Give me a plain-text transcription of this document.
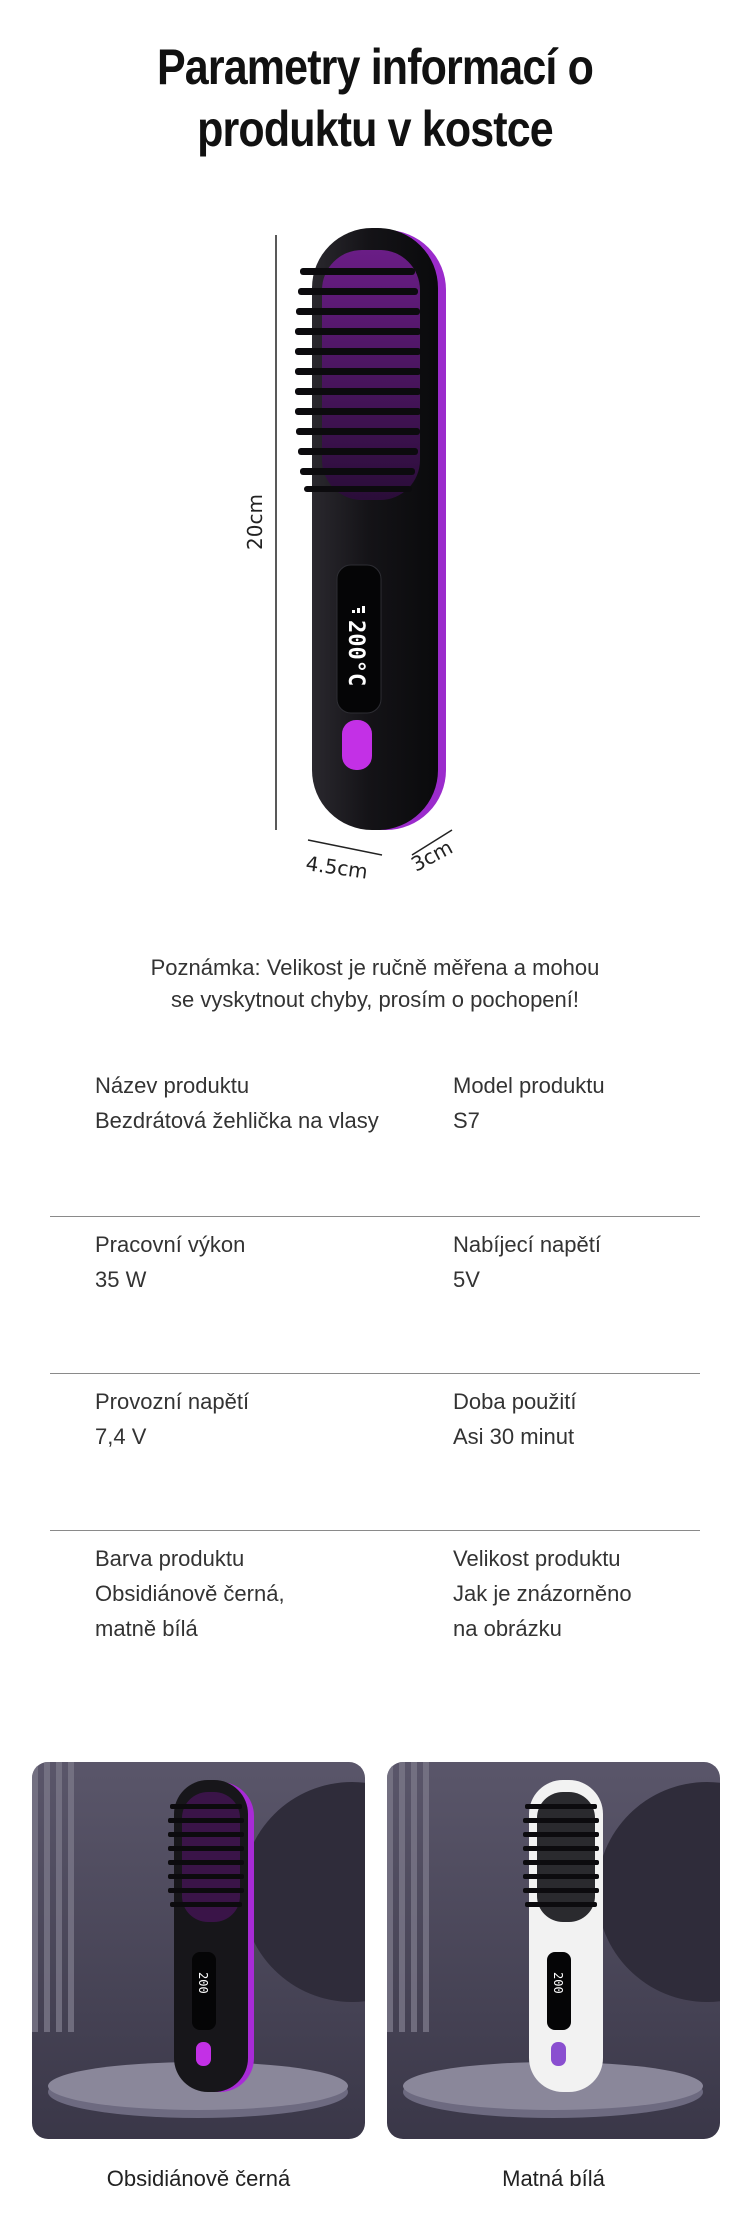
Parametry informací o
produktu v kostce
200°C
20cm
4.5cm 3cm
Poznámka: Velikost je ručně měřena a mohou
se vyskytnout chyby, prosím o pochopení!
Název produktu
Bezdrátová žehlička na vlasy
Model produktu
S7
Pracovní výkon
35 W
Nabíjecí napětí
5V
Provozní napětí
7,4 V
Doba použití
Asi 30 minut
Barva produktu
Obsidiánově černá,
matně bílá
Velikost produktu
Jak je znázorněno
na obrázku
200
Obsidiánově černá
200
Matná bílá
